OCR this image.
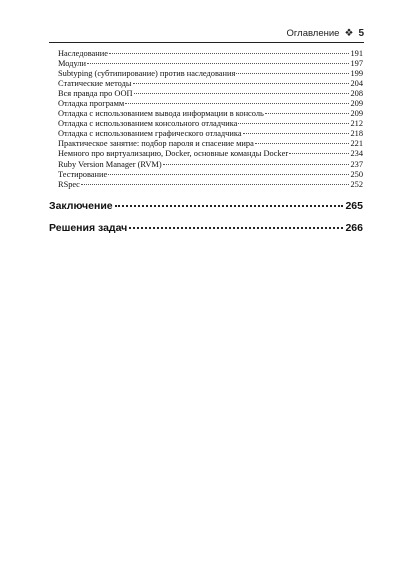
Оглавление ❖ 5
Наследование	191
Модули	197
Subtyping (субтипирование) против наследования	199
Статические методы	204
Вся правда про ООП	208
Отладка программ	209
Отладка с использованием вывода информации в консоль	209
Отладка с использованием консольного отладчика	212
Отладка с использованием графического отладчика	218
Практическое занятие: подбор пароля и спасение мира	221
Немного про виртуализацию, Docker, основные команды Docker	234
Ruby Version Manager (RVM)	237
Тестирование	250
RSpec	252
Заключение	265
Решения задач	266
